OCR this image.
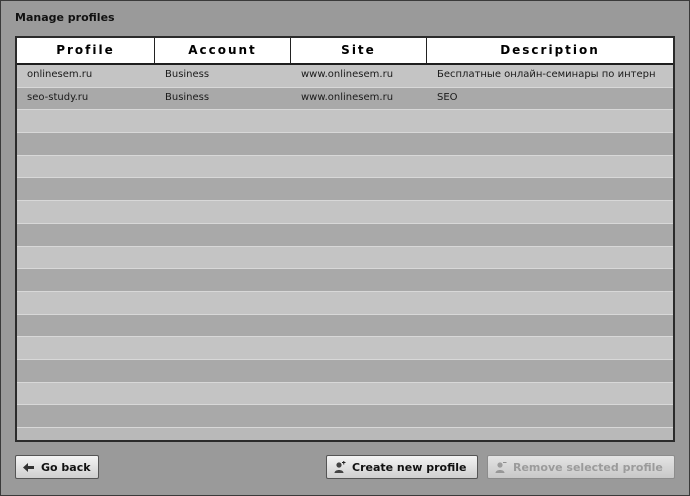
Manage profiles
Profile	Account	Site	Description
onlinesem.ru	Business	www.onlinesem.ru	Бесплатные онлайн-семинары по интерн
seo-study.ru	Business	www.onlinesem.ru	SEO
Go back	Create new profile	Remove selected profile
